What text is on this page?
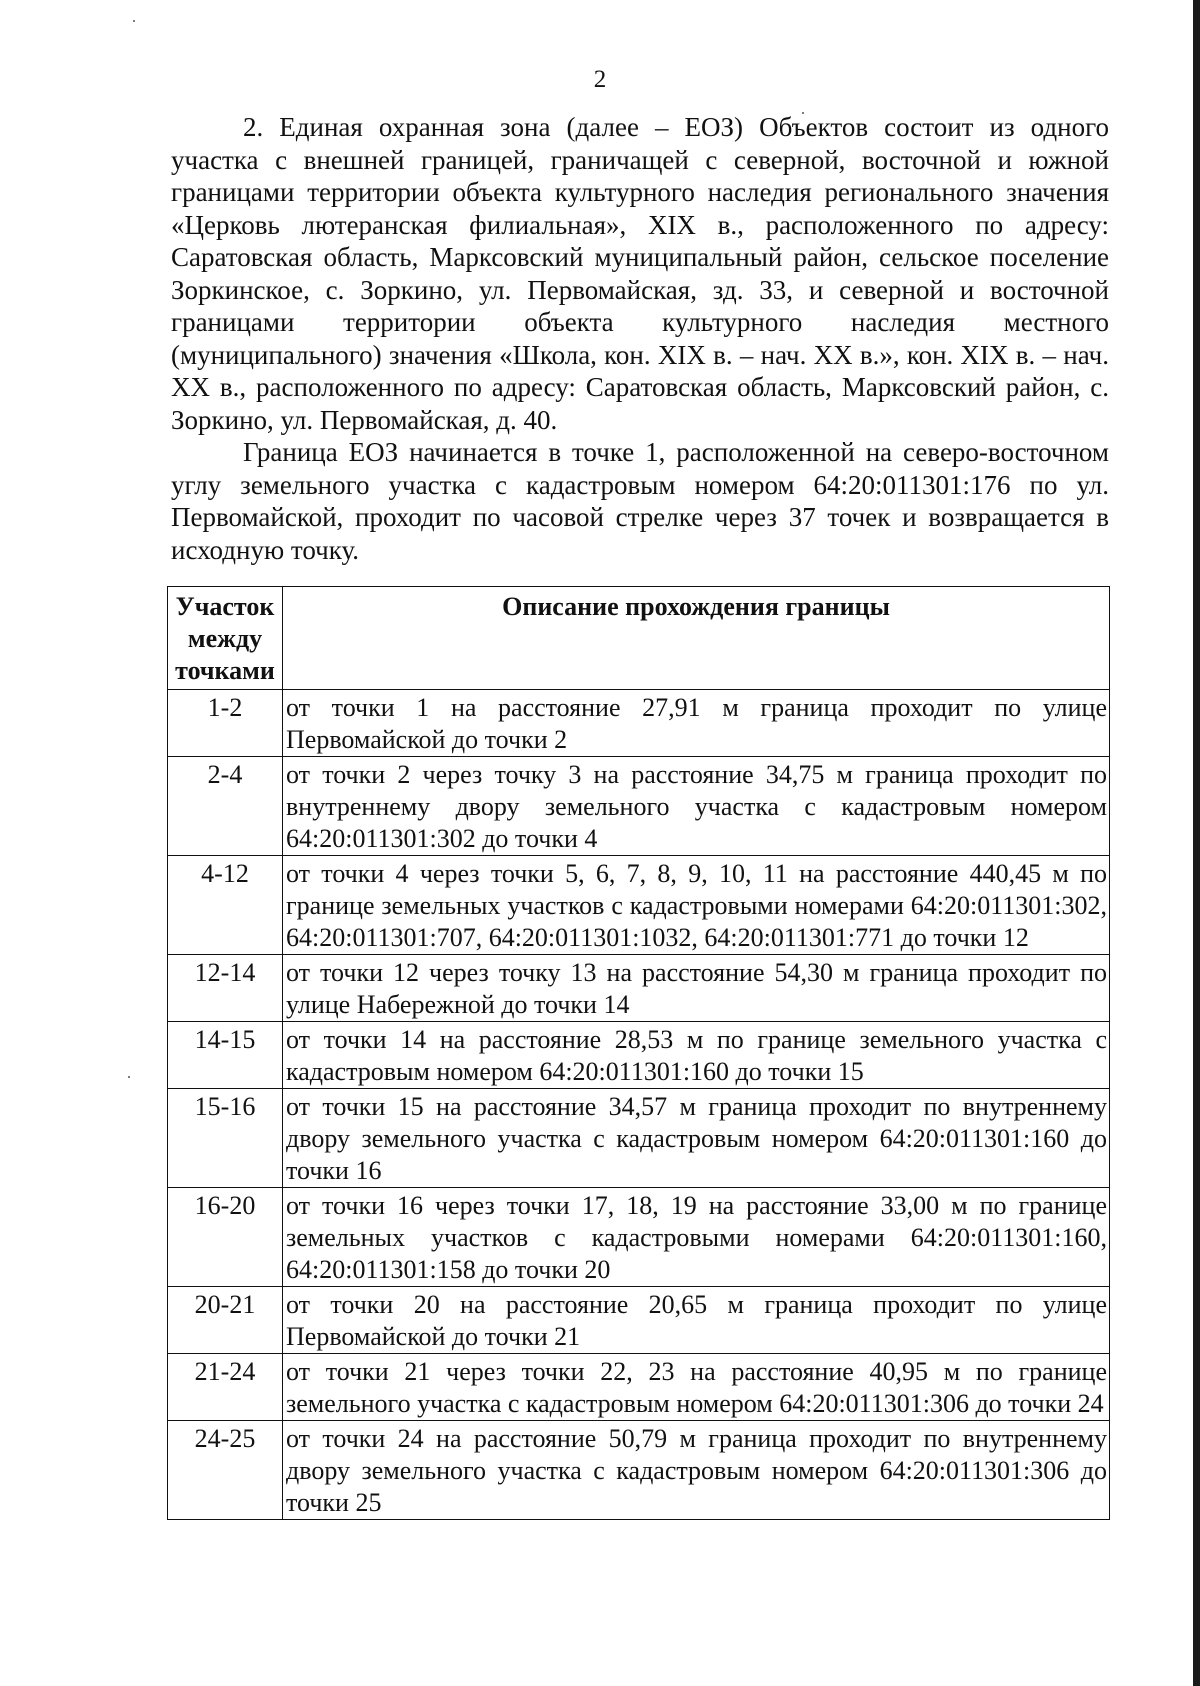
2

2. Единая охранная зона (далее – ЕОЗ) Объектов состоит из одного участка с внешней границей, граничащей с северной, восточной и южной границами территории объекта культурного наследия регионального значения «Церковь лютеранская филиальная», XIX в., расположенного по адресу: Саратовская область, Марксовский муниципальный район, сельское поселение Зоркинское, с. Зоркино, ул. Первомайская, зд. 33, и северной и восточной границами территории объекта культурного наследия местного (муниципального) значения «Школа, кон. XIX в. – нач. XX в.», кон. XIX в. – нач. XX в., расположенного по адресу: Саратовская область, Марксовский район, с. Зоркино, ул. Первомайская, д. 40.

Граница ЕОЗ начинается в точке 1, расположенной на северо-восточном углу земельного участка с кадастровым номером 64:20:011301:176 по ул. Первомайской, проходит по часовой стрелке через 37 точек и возвращается в исходную точку.

Участок между точками	Описание прохождения границы
1-2	от точки 1 на расстояние 27,91 м граница проходит по улице Первомайской до точки 2
2-4	от точки 2 через точку 3 на расстояние 34,75 м граница проходит по внутреннему двору земельного участка с кадастровым номером 64:20:011301:302 до точки 4
4-12	от точки 4 через точки 5, 6, 7, 8, 9, 10, 11 на расстояние 440,45 м по границе земельных участков с кадастровыми номерами 64:20:011301:302, 64:20:011301:707, 64:20:011301:1032, 64:20:011301:771 до точки 12
12-14	от точки 12 через точку 13 на расстояние 54,30 м граница проходит по улице Набережной до точки 14
14-15	от точки 14 на расстояние 28,53 м по границе земельного участка с кадастровым номером 64:20:011301:160 до точки 15
15-16	от точки 15 на расстояние 34,57 м граница проходит по внутреннему двору земельного участка с кадастровым номером 64:20:011301:160 до точки 16
16-20	от точки 16 через точки 17, 18, 19 на расстояние 33,00 м по границе земельных участков с кадастровыми номерами 64:20:011301:160, 64:20:011301:158 до точки 20
20-21	от точки 20 на расстояние 20,65 м граница проходит по улице Первомайской до точки 21
21-24	от точки 21 через точки 22, 23 на расстояние 40,95 м по границе земельного участка с кадастровым номером 64:20:011301:306 до точки 24
24-25	от точки 24 на расстояние 50,79 м граница проходит по внутреннему двору земельного участка с кадастровым номером 64:20:011301:306 до точки 25
